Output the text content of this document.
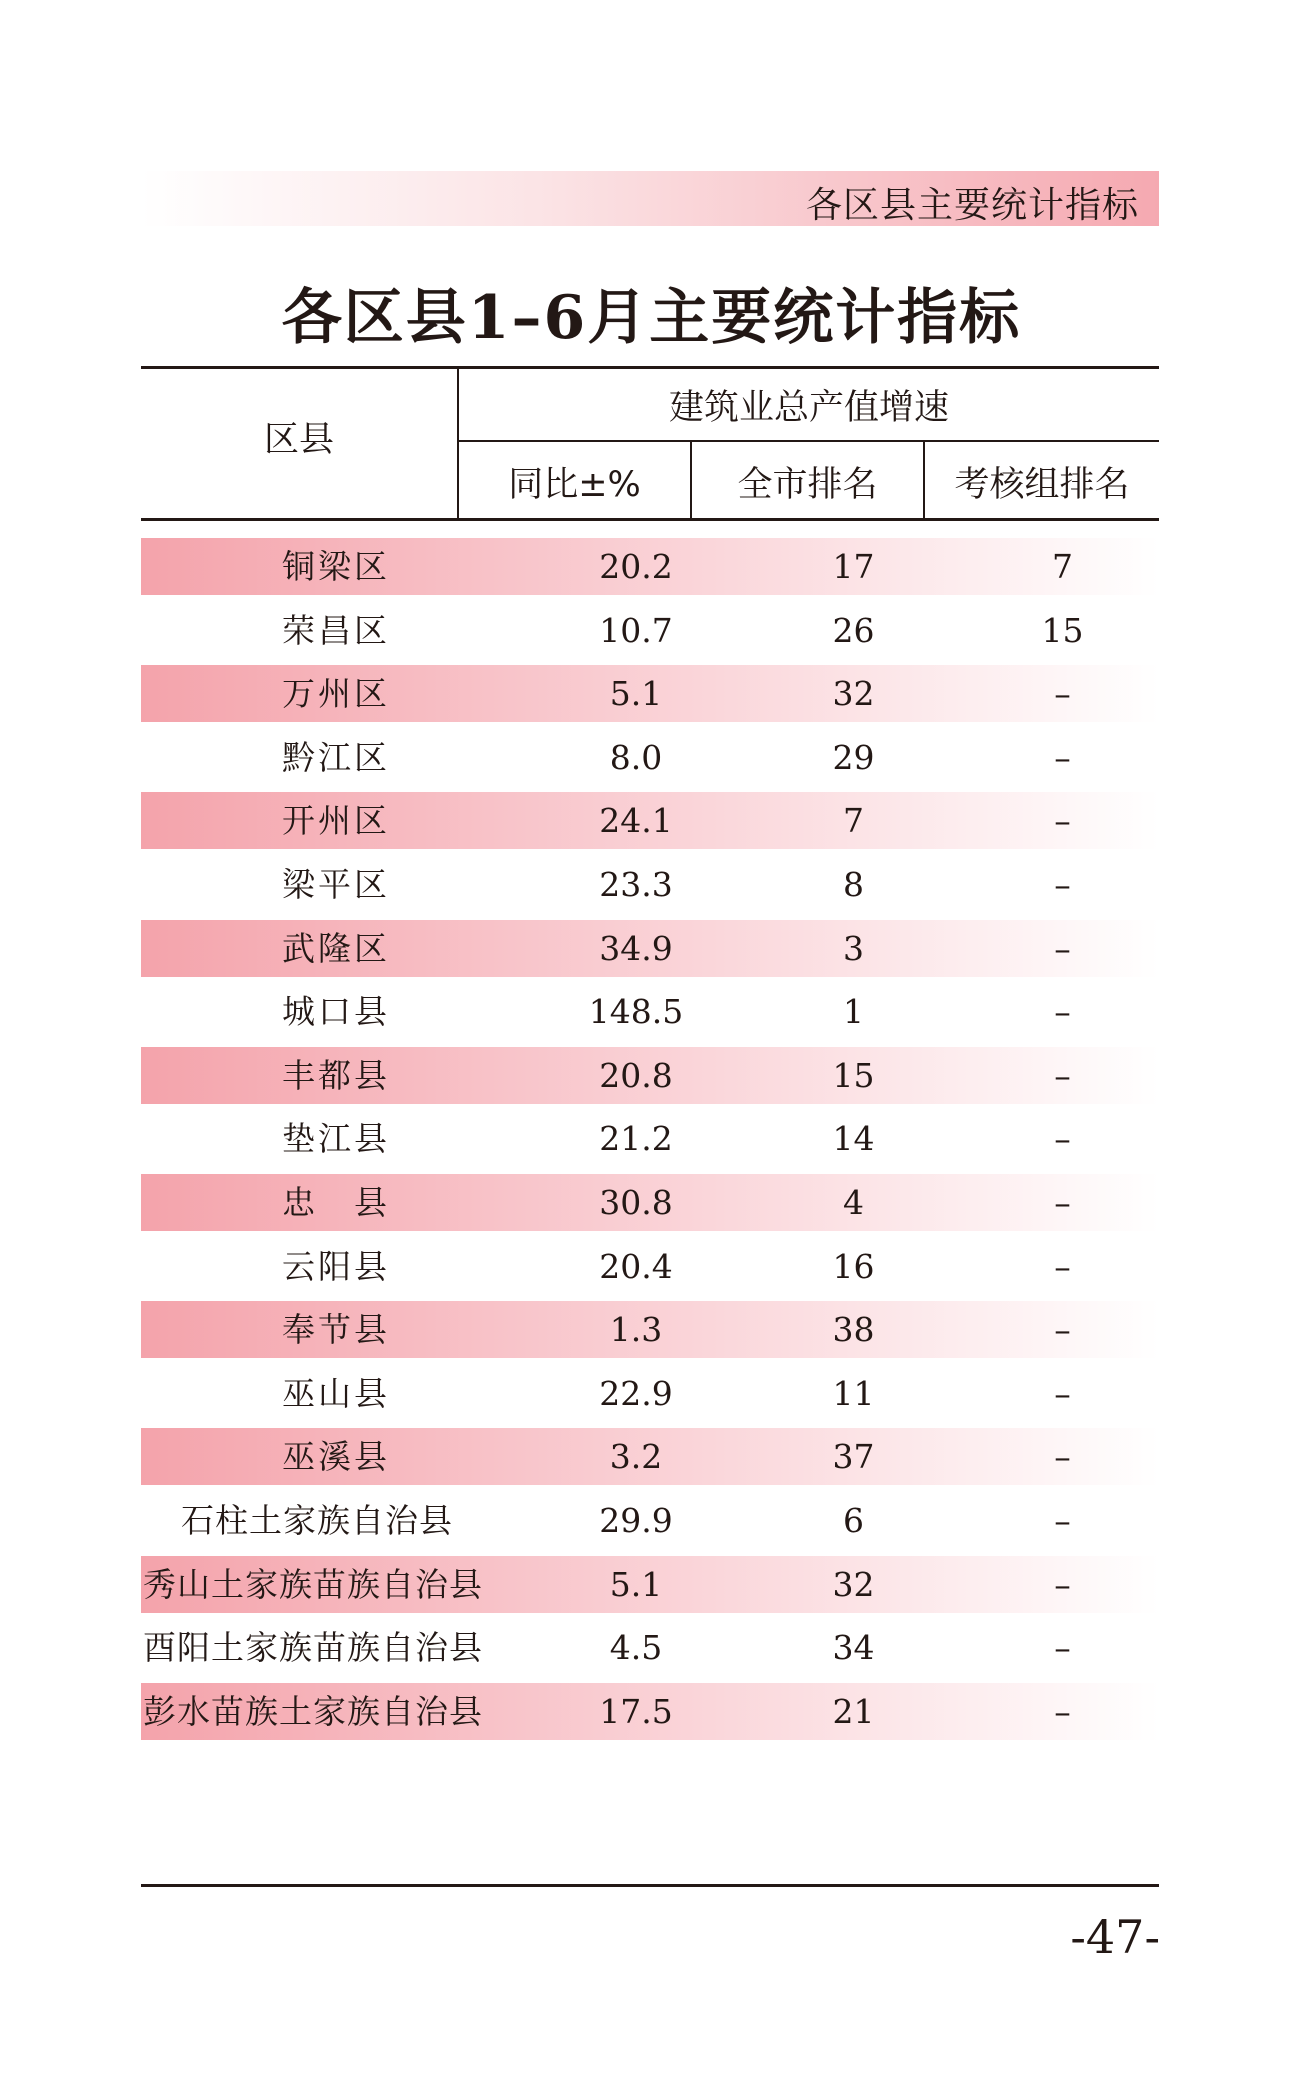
各区县主要统计指标
各区县1–6月主要统计指标
区县
建筑业总产值增速
同比±%	全市排名	考核组排名
铜梁区	20.2	17	7
荣昌区	10.7	26	15
万州区	5.1	32	–
黔江区	8.0	29	–
开州区	24.1	7	–
梁平区	23.3	8	–
武隆区	34.9	3	–
城口县	148.5	1	–
丰都县	20.8	15	–
垫江县	21.2	14	–
忠　县	30.8	4	–
云阳县	20.4	16	–
奉节县	1.3	38	–
巫山县	22.9	11	–
巫溪县	3.2	37	–
石柱土家族自治县	29.9	6	–
秀山土家族苗族自治县	5.1	32	–
酉阳土家族苗族自治县	4.5	34	–
彭水苗族土家族自治县	17.5	21	–
-47-
